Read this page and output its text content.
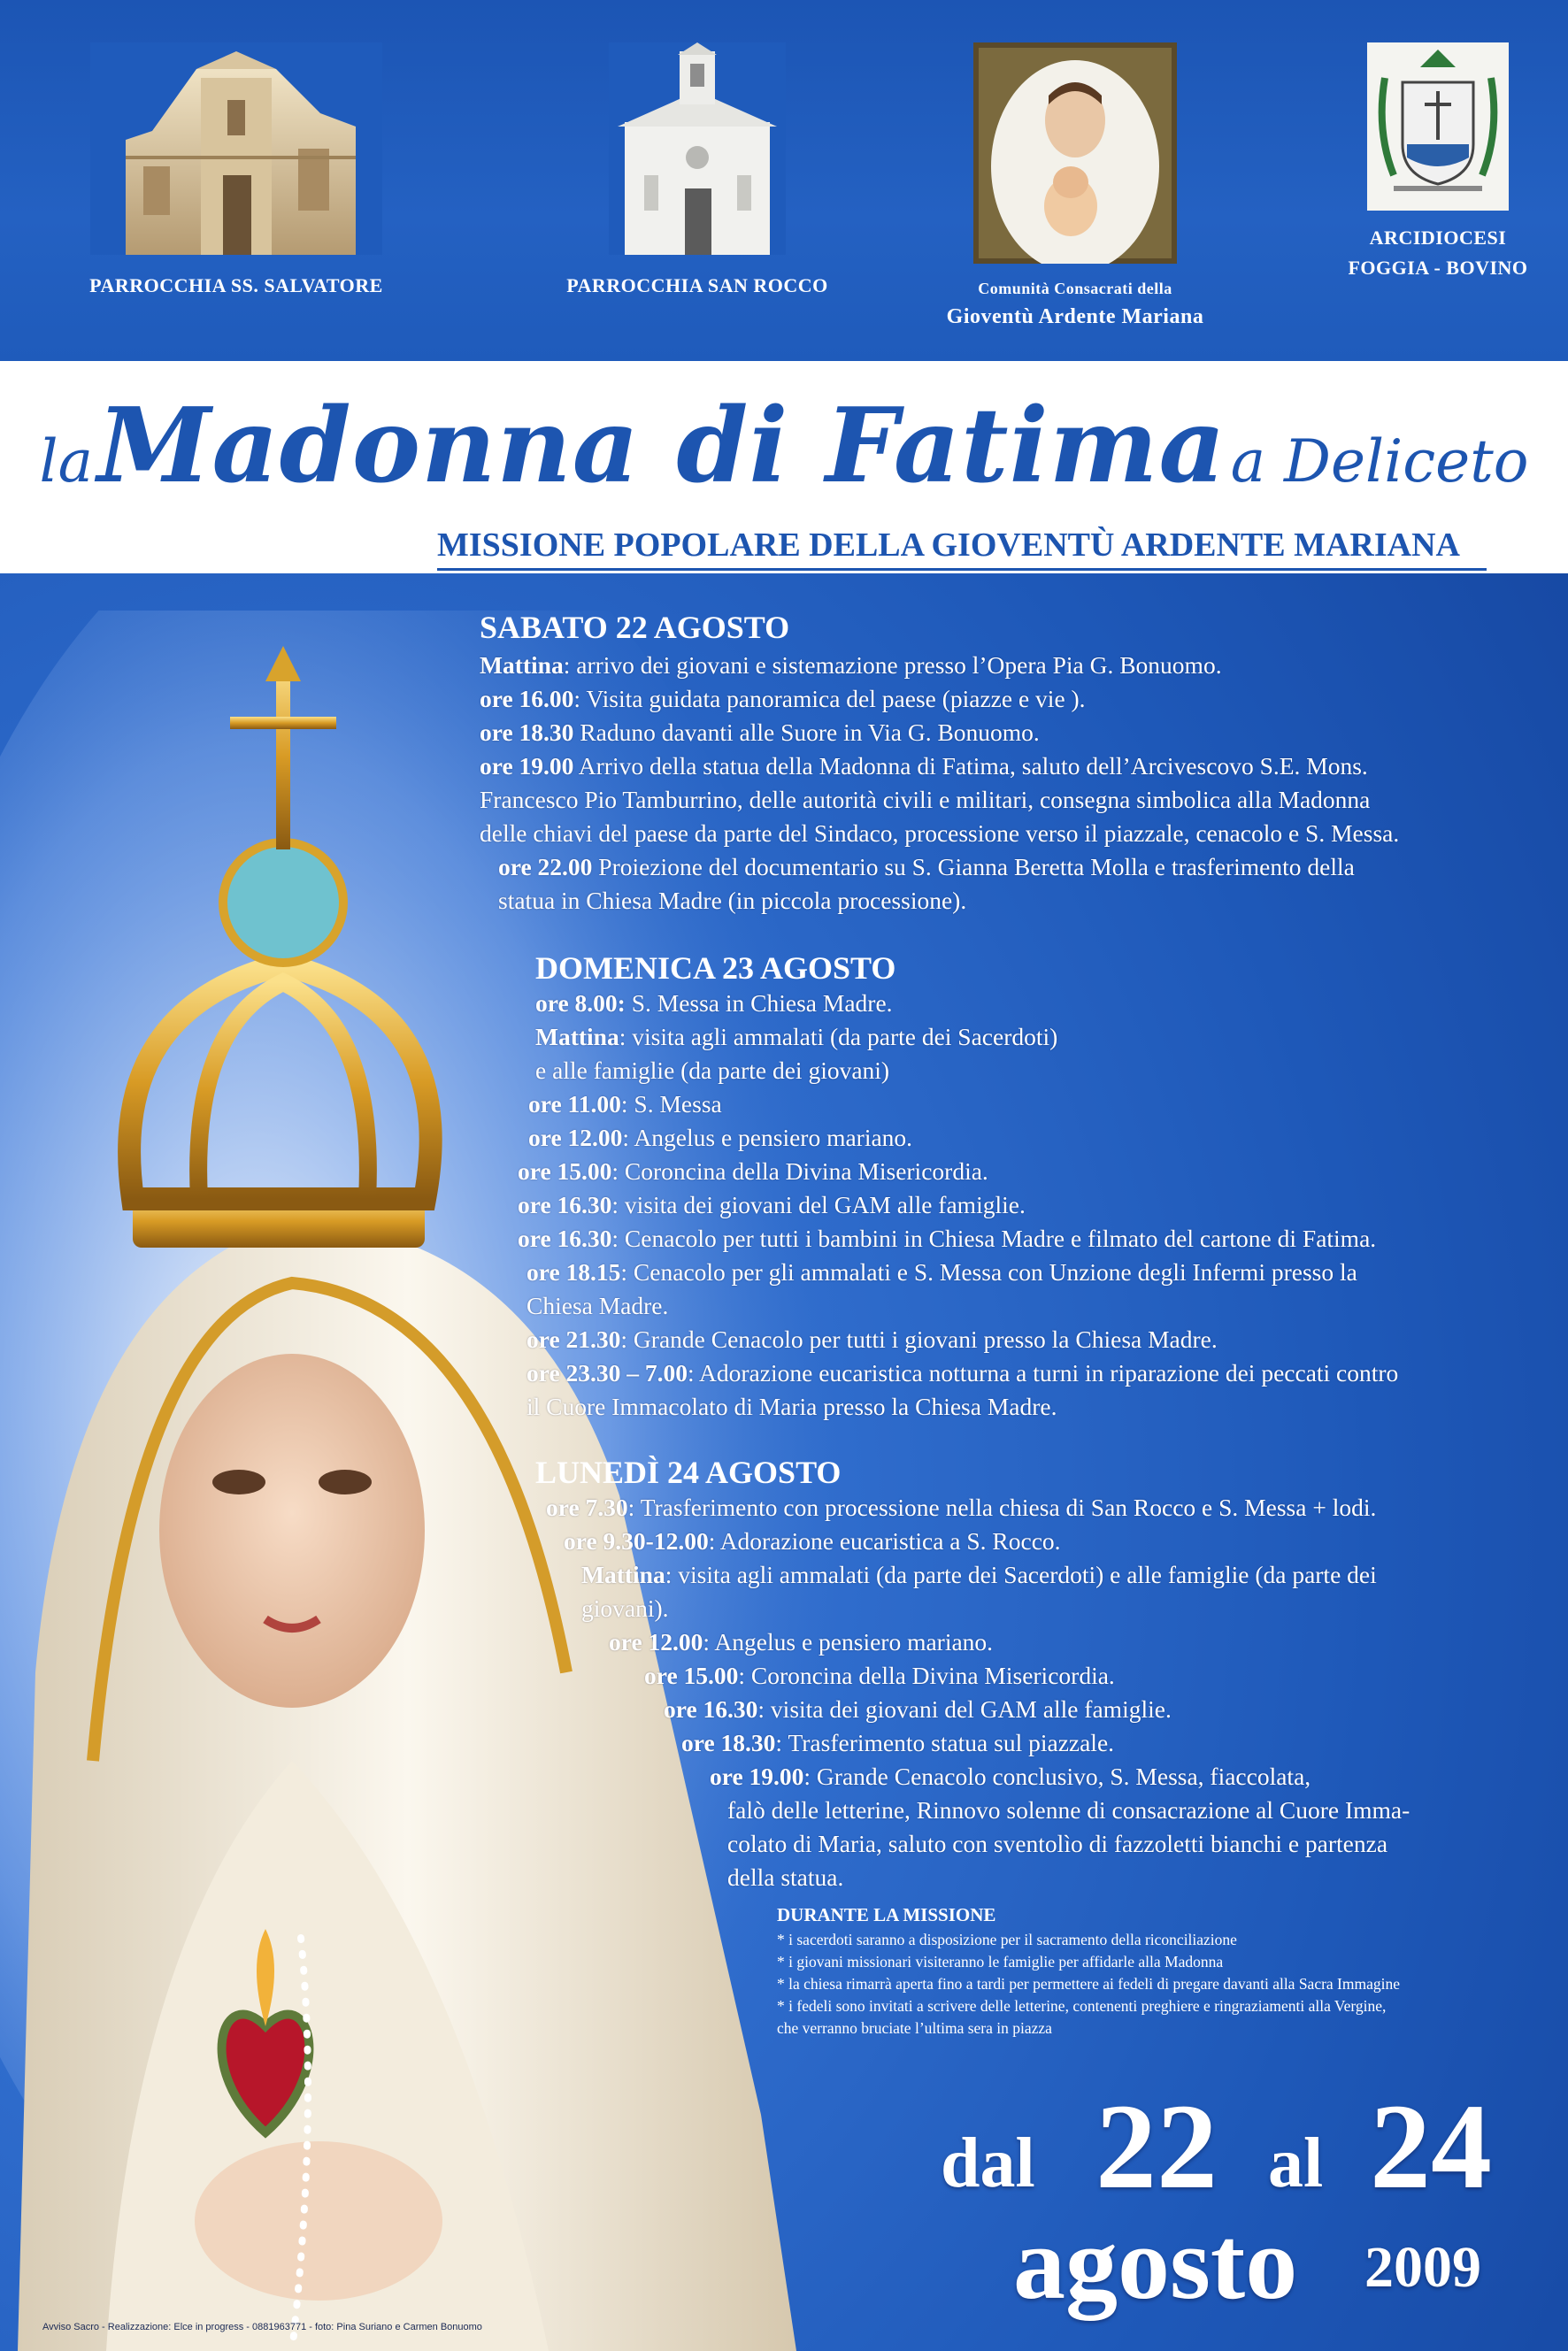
PARROCCHIA SS. SALVATORE	PARROCCHIA SAN ROCCO	Comunità Consacrati della
Gioventù Ardente Mariana
ARCIDIOCESI
FOGGIA - BOVINO
la Madonna di Fatima a Deliceto
MISSIONE POPOLARE DELLA GIOVENTÙ ARDENTE MARIANA
SABATO 22 AGOSTO
Mattina: arrivo dei giovani e sistemazione presso l’Opera Pia G. Bonuomo.
ore 16.00: Visita guidata panoramica del paese (piazze e vie ).
ore 18.30 Raduno davanti alle Suore in Via G. Bonuomo.
ore 19.00 Arrivo della statua della Madonna di Fatima, saluto dell’Arcivescovo S.E. Mons.
Francesco Pio Tamburrino, delle autorità civili e militari, consegna simbolica alla Madonna
delle chiavi del paese da parte del Sindaco, processione verso il piazzale, cenacolo e S. Messa.
ore 22.00 Proiezione del documentario su S. Gianna Beretta Molla e trasferimento della
statua in Chiesa Madre (in piccola processione).
DOMENICA 23 AGOSTO
ore 8.00: S. Messa in Chiesa Madre.
Mattina: visita agli ammalati (da parte dei Sacerdoti)
e alle famiglie (da parte dei giovani)
ore 11.00: S. Messa
ore 12.00: Angelus e pensiero mariano.
ore 15.00: Coroncina della Divina Misericordia.
ore 16.30: visita dei giovani del GAM alle famiglie.
ore 16.30: Cenacolo per tutti i bambini in Chiesa Madre e filmato del cartone di Fatima.
ore 18.15: Cenacolo per gli ammalati e S. Messa con Unzione degli Infermi presso la
Chiesa Madre.
ore 21.30: Grande Cenacolo per tutti i giovani presso la Chiesa Madre.
ore 23.30 – 7.00: Adorazione eucaristica notturna a turni in riparazione dei peccati contro
il Cuore Immacolato di Maria presso la Chiesa Madre.
LUNEDÌ 24 AGOSTO
ore 7.30: Trasferimento con processione nella chiesa di San Rocco e S. Messa + lodi.
ore 9.30-12.00: Adorazione eucaristica a S. Rocco.
Mattina: visita agli ammalati (da parte dei Sacerdoti) e alle famiglie (da parte dei
giovani).
ore 12.00: Angelus e pensiero mariano.
ore 15.00: Coroncina della Divina Misericordia.
ore 16.30: visita dei giovani del GAM alle famiglie.
ore 18.30: Trasferimento statua sul piazzale.
ore 19.00: Grande Cenacolo conclusivo, S. Messa, fiaccolata,
falò delle letterine, Rinnovo solenne di consacrazione al Cuore Imma-
colato di Maria, saluto con sventolìo di fazzoletti bianchi e partenza
della statua.
DURANTE LA MISSIONE
* i sacerdoti saranno a disposizione per il sacramento della riconciliazione
* i giovani missionari visiteranno le famiglie per affidarle alla Madonna
* la chiesa rimarrà aperta fino a tardi per permettere ai fedeli di pregare davanti alla Sacra Immagine
* i fedeli sono invitati a scrivere delle letterine, contenenti preghiere e ringraziamenti alla Vergine,
che verranno bruciate l’ultima sera in piazza
dal 22 al 24
agosto 2009
Avviso Sacro - Realizzazione: Elce in progress - 0881963771 - foto: Pina Suriano e Carmen Bonuomo
